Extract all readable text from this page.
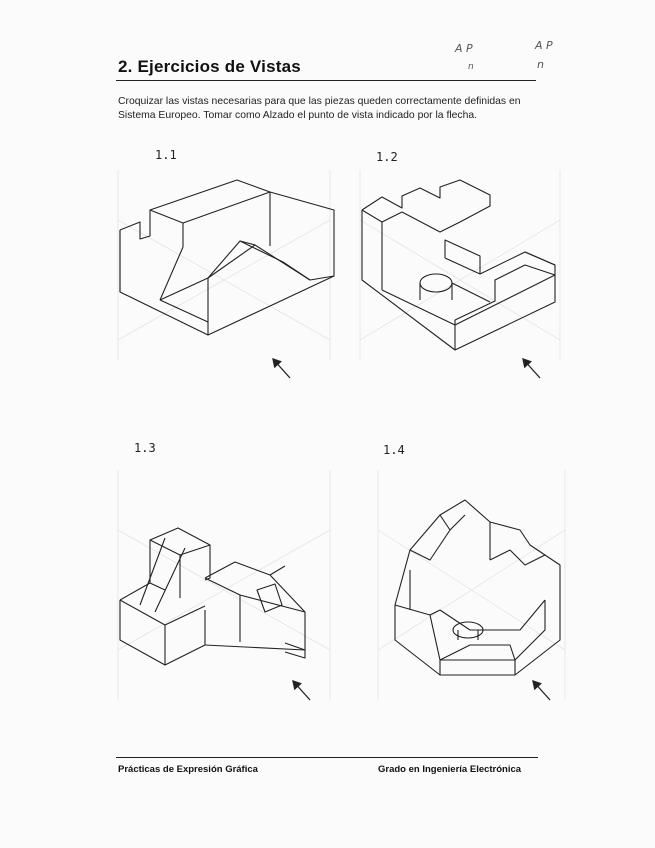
2. Ejercicios de Vistas
A P	A P
n	n
Croquizar las vistas necesarias para que las piezas queden correctamente definidas en Sistema Europeo. Tomar como Alzado el punto de vista indicado por la flecha.
1.1	1.2
1.3	1.4
Prácticas de Expresión Gráfica	Grado en Ingeniería Electrónica
